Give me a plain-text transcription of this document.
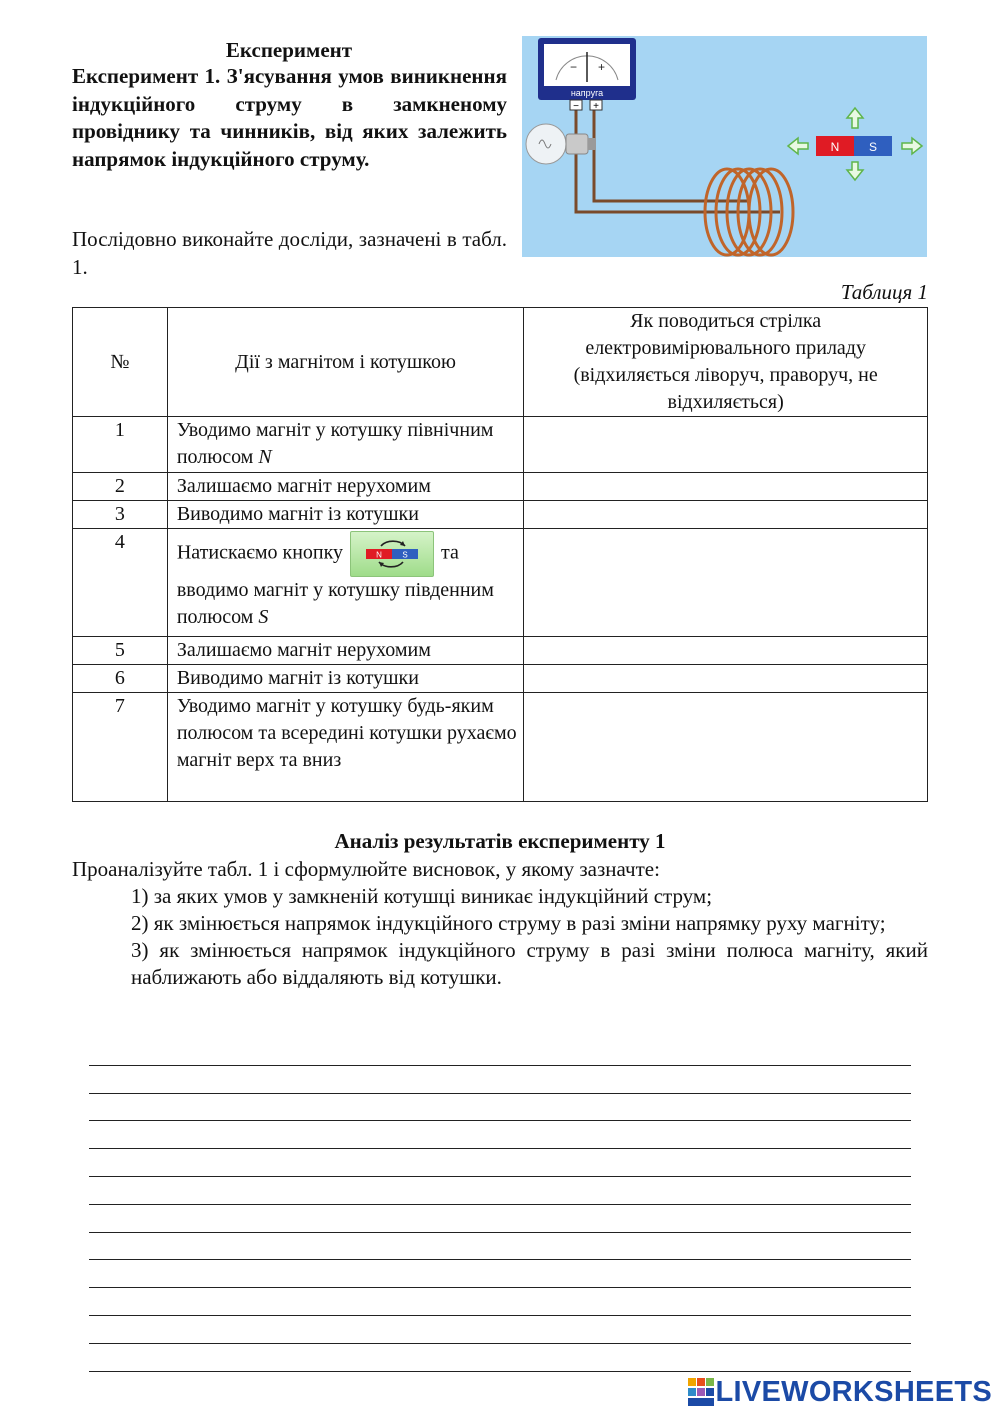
Експеримент
Експеримент 1. З'ясування умов виникнення індукційного струму в замкненому провіднику та чинників, від яких залежить напрямок індукційного струму.
Послідовно виконайте досліди, зазначені в табл. 1.
Таблиця 1
− +
напруга
− +
N S
№	Дії з магнітом і котушкою	Як поводиться стрілка електровимірювального приладу (відхиляється ліворуч, праворуч, не відхиляється)
1	Уводимо магніт у котушку північним полюсом N	
2	Залишаємо магніт нерухомим	
3	Виводимо магніт із котушки	
4	Натискаємо кнопку N S та вводимо магніт у котушку південним полюсом S	

5	Залишаємо магніт нерухомим	
6	Виводимо магніт із котушки	
7	Уводимо магніт у котушку будь-яким полюсом та всередині котушки рухаємо магніт верх та вниз	
Аналіз результатів експерименту 1
Проаналізуйте табл. 1 і сформулюйте висновок, у якому зазначте:
1) за яких умов у замкненій котушці виникає індукційний струм;
2) як змінюється напрямок індукційного струму в разі зміни напрямку руху магніту;
3) як змінюється напрямок індукційного струму в разі зміни полюса магніту, який наближають або віддаляють від котушки.
LIVEWORKSHEETS
